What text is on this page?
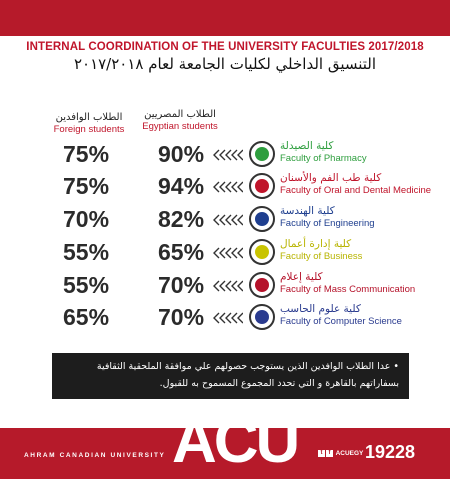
INTERNAL COORDINATION OF THE UNIVERSITY FACULTIES 2017/2018
التنسيق الداخلي لكليات الجامعة لعام ٢٠١٧/٢٠١٨
الطلاب المصريين
Egyptian students
الطلاب الوافدين
Foreign students
75% 90%	كلية الصيدلة
Faculty of Pharmacy
75% 94%	كلية طب الفم والأسنان
Faculty of Oral and Dental Medicine
70% 82%	كلية الهندسة
Faculty of Engineering
55% 65%	كلية إدارة أعمال
Faculty of Business
55% 70%	كلية إعلام
Faculty of Mass Communication
65% 70%	كلية علوم الحاسب
Faculty of Computer Science
• عدا الطلاب الوافدين الذين يستوجب حصولهم علي موافقة الملحقية الثقافية بسفاراتهم بالقاهرة و التي تحدد المجموع المسموح به للقبول.
AHRAM CANADIAN UNIVERSITY	t f ACUEGY 19228
ACU
